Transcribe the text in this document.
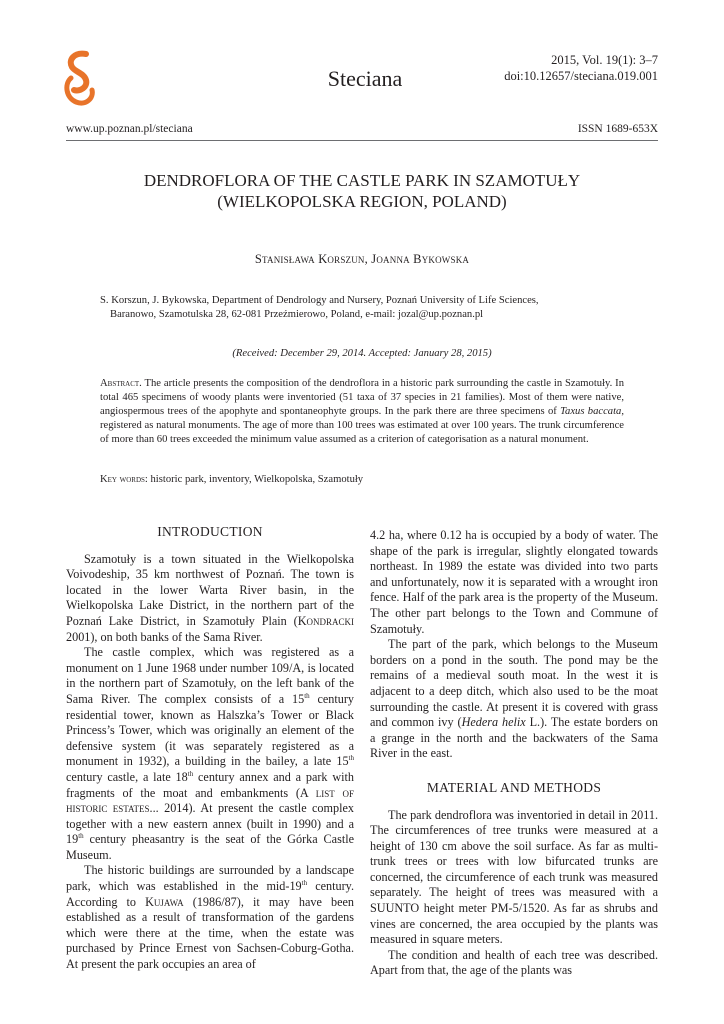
Steciana
2015, Vol. 19(1): 3–7
doi:10.12657/steciana.019.001
www.up.poznan.pl/steciana	ISSN 1689-653X
DENDROFLORA OF THE CASTLE PARK IN SZAMOTUŁY
(WIELKOPOLSKA REGION, POLAND)
Stanisława Korszun, Joanna Bykowska
S. Korszun, J. Bykowska, Department of Dendrology and Nursery, Poznań University of Life Sciences,
Baranowo, Szamotulska 28, 62-081 Przeźmierowo, Poland, e-mail: jozal@up.poznan.pl
(Received: December 29, 2014. Accepted: January 28, 2015)
Abstract. The article presents the composition of the dendroflora in a historic park surrounding the castle in Szamotuły. In total 465 specimens of woody plants were inventoried (51 taxa of 37 species in 21 families). Most of them were native, angiospermous trees of the apophyte and spontaneophyte groups. In the park there are three specimens of Taxus baccata, registered as natural monuments. The age of more than 100 trees was estimated at over 100 years. The trunk circumference of more than 60 trees exceeded the minimum value assumed as a criterion of categorisation as a natural monument.
Key words: historic park, inventory, Wielkopolska, Szamotuły
INTRODUCTION

Szamotuły is a town situated in the Wielkopolska Voivodeship, 35 km northwest of Poznań. The town is located in the lower Warta River basin, in the Wielkopolska Lake District, in the northern part of the Poznań Lake District, in Szamotuły Plain (Kondracki 2001), on both banks of the Sama River.

The castle complex, which was registered as a monument on 1 June 1968 under number 109/A, is located in the northern part of Szamotuły, on the left bank of the Sama River. The complex consists of a 15th century residential tower, known as Halszka’s Tower or Black Princess’s Tower, which was originally an element of the defensive system (it was separately registered as a monument in 1932), a building in the bailey, a late 15th century castle, a late 18th century annex and a park with fragments of the moat and embankments (A list of historic estates... 2014). At present the castle complex together with a new eastern annex (built in 1990) and a 19th century pheasantry is the seat of the Górka Castle Museum.

The historic buildings are surrounded by a landscape park, which was established in the mid-19th century. According to Kujawa (1986/87), it may have been established as a result of transformation of the gardens which were there at the time, when the estate was purchased by Prince Ernest von Sachsen-Coburg-Gotha. At present the park occupies an area of

4.2 ha, where 0.12 ha is occupied by a body of water. The shape of the park is irregular, slightly elongated towards northeast. In 1989 the estate was divided into two parts and unfortunately, now it is separated with a wrought iron fence. Half of the park area is the property of the Museum. The other part belongs to the Town and Commune of Szamotuły.

The part of the park, which belongs to the Museum borders on a pond in the south. The pond may be the remains of a medieval south moat. In the west it is adjacent to a deep ditch, which also used to be the moat surrounding the castle. At present it is covered with grass and common ivy (Hedera helix L.). The estate borders on a grange in the north and the backwaters of the Sama River in the east.

MATERIAL AND METHODS

The park dendroflora was inventoried in detail in 2011. The circumferences of tree trunks were measured at a height of 130 cm above the soil surface. As far as multi-trunk trees or trees with low bifurcated trunks are concerned, the circumference of each trunk was measured separately. The height of trees was measured with a SUUNTO height meter PM-5/1520. As far as shrubs and vines are concerned, the area occupied by the plants was measured in square meters.

The condition and health of each tree was described. Apart from that, the age of the plants was
